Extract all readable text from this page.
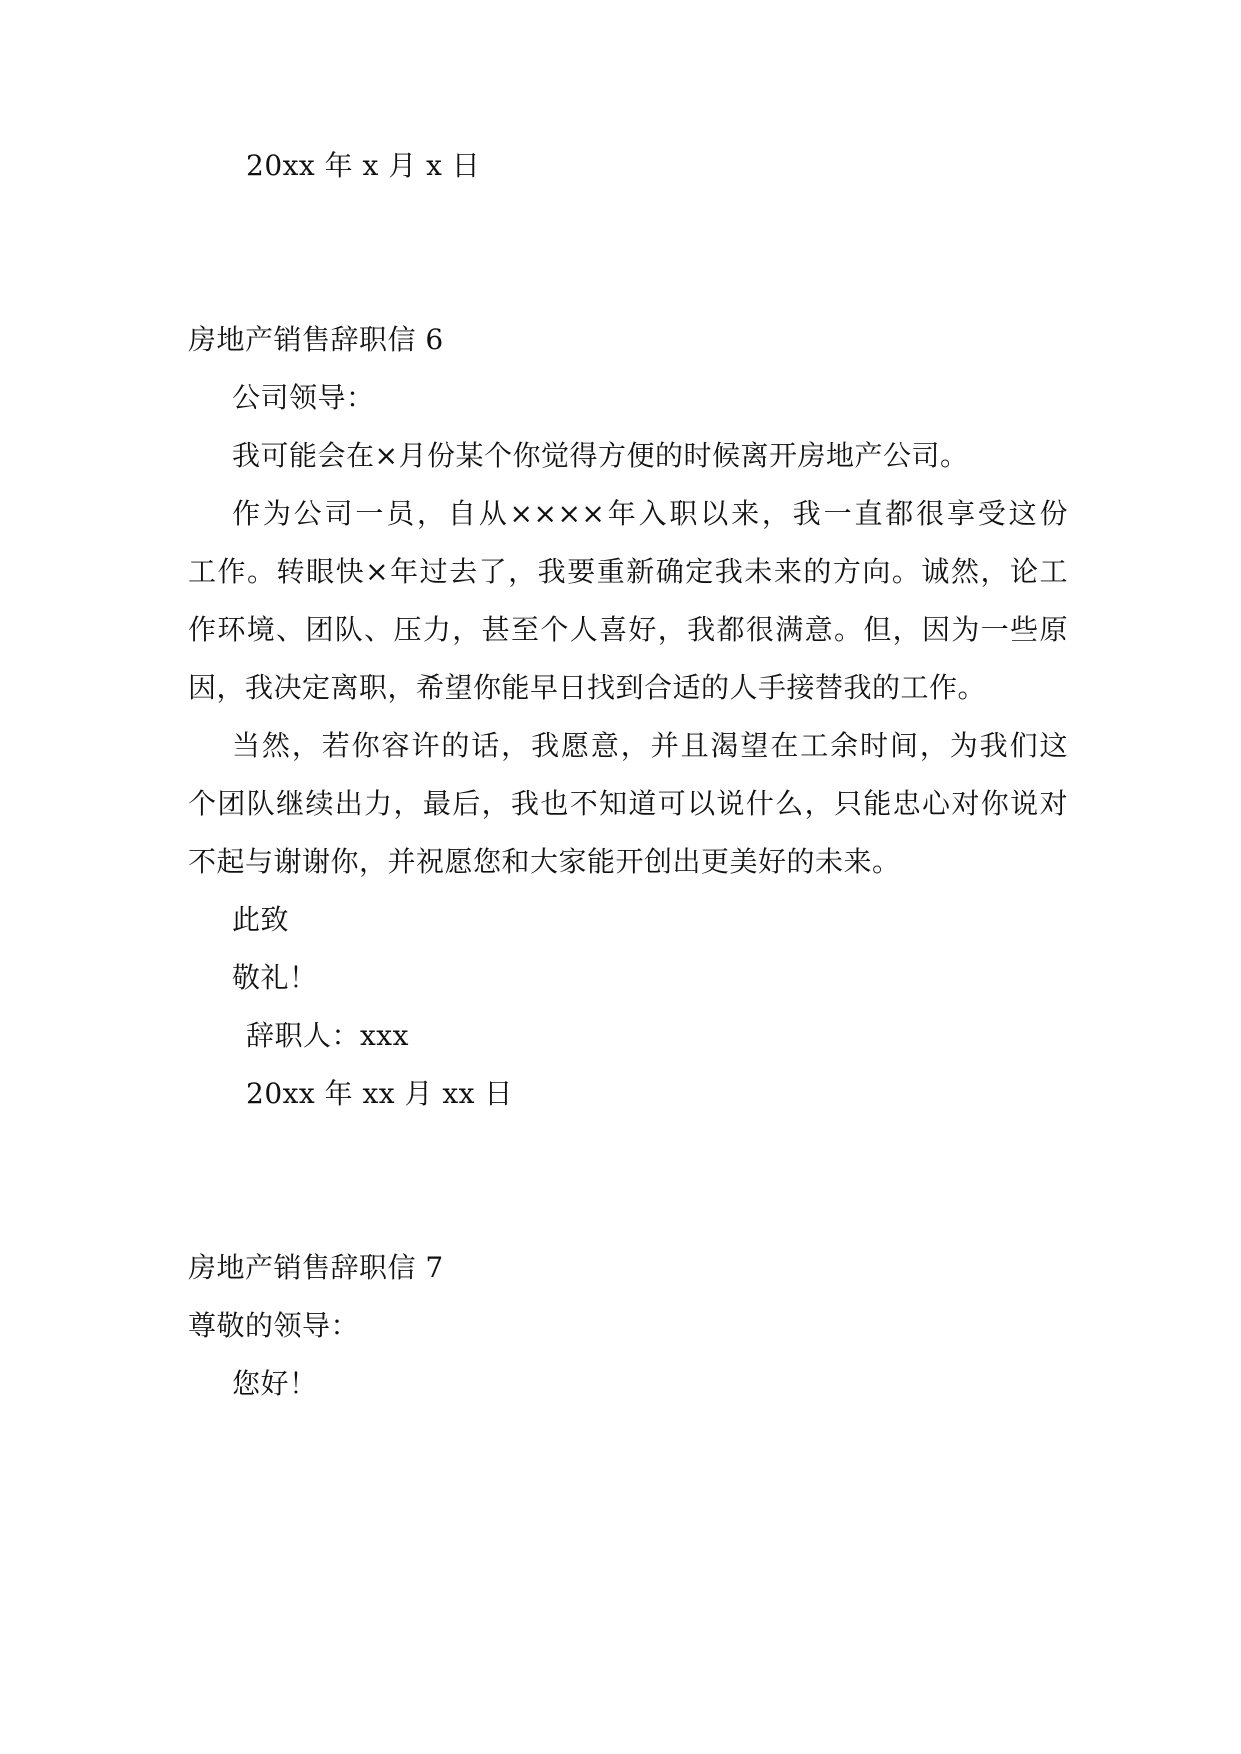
20xx 年 x 月 x 日
房地产销售辞职信 6
公司领导：
我可能会在×月份某个你觉得方便的时候离开房地产公司。
作为公司一员，自从××××年入职以来，我一直都很享受这份
工作。转眼快×年过去了，我要重新确定我未来的方向。诚然，论工
作环境、团队、压力，甚至个人喜好，我都很满意。但，因为一些原
因，我决定离职，希望你能早日找到合适的人手接替我的工作。
当然，若你容许的话，我愿意，并且渴望在工余时间，为我们这
个团队继续出力，最后，我也不知道可以说什么，只能忠心对你说对
不起与谢谢你，并祝愿您和大家能开创出更美好的未来。
此致
敬礼！
辞职人：xxx
20xx 年 xx 月 xx 日
房地产销售辞职信 7
尊敬的领导：
您好！
